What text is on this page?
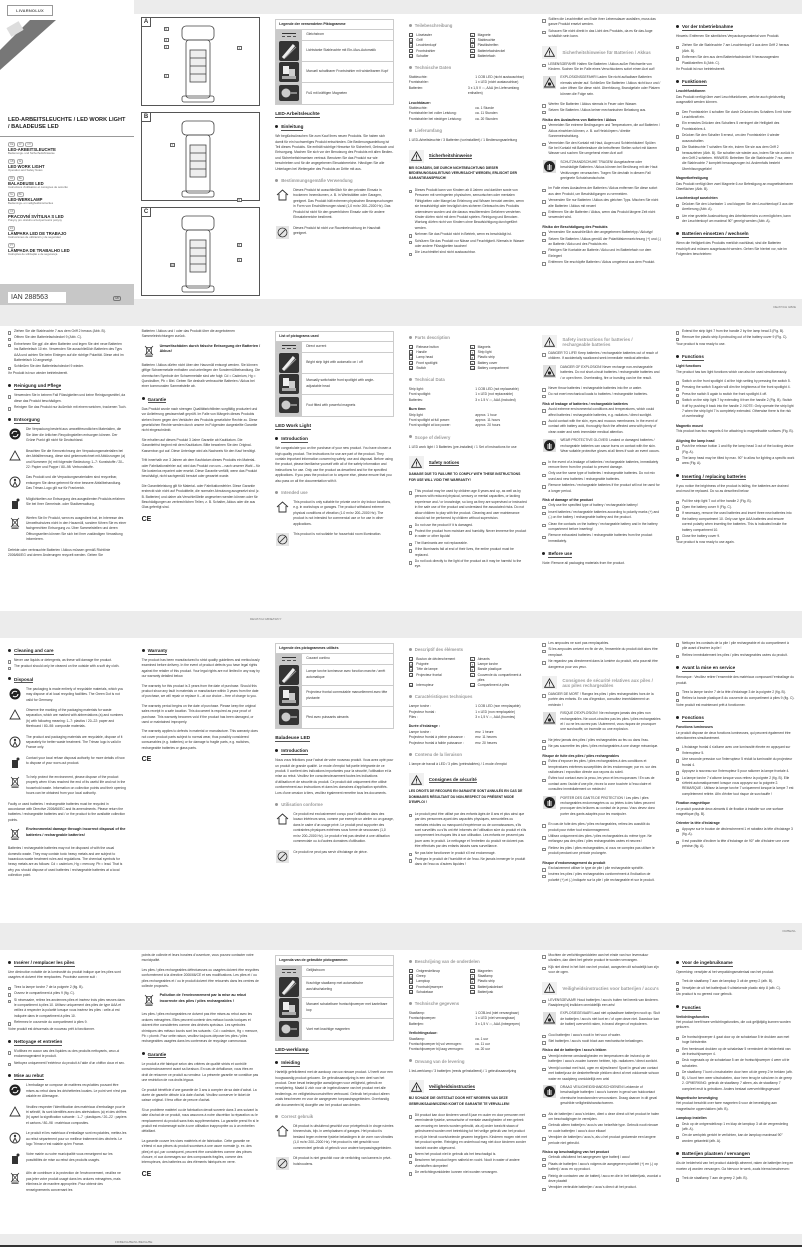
Legende der verwendeten Piktogramme
Gleichstrom
Lichtstarke Stableuchte mit Ein-/Aus-Automatik
Manuell schaltbarer Frontstrahler mit winkelbarem Kopf
Fuß mit kräftigen Magneten
LED-Arbeitsleuchte
Einleitung
Wir beglückwünschen Sie zum Kauf Ihres neuen Produkts. Sie haben sich damit für ein hochwertiges Produkt entschieden. Die Bedienungsanleitung ist Teil dieses Produkts. Sie enthält wichtige Hinweise für Sicherheit, Gebrauch und Entsorgung. Machen Sie sich vor der Benutzung des Produkts mit allen Bedien- und Sicherheitshinweisen vertraut. Benutzen Sie das Produkt nur wie beschrieben und für die angegebenen Einsatzbereiche. Händigen Sie alle Unterlagen bei Weitergabe des Produkts an Dritte mit aus.
Bestimmungsgemäße Verwendung
Dieses Produkt ist ausschließlich für den privaten Einsatz in trockenen Innenräumen, z. B. in Werkstätten oder Garagen, geeignet. Das Produkt hält extremen physischen Beanspruchungen in Form von Erschütterungen stand (1,0 m²/s³ 200–2000 Hz). Das Produkt ist nicht für den gewerblichen Einsatz oder für andere Einsatzbereiche bestimmt.
Dieses Produkt ist nicht zur Raumbeleuchtung im Haushalt geeignet.
Teilebeschreibung
1	Lösetaster	6	Magnete
2	Griff	7	Stableuchte
3	Leuchtenkopf	8	Plastikstreifen
4	Frontstrahler	9	Batteriefachdeckel
5	Schalter	10 Batteriefach
Technische Daten
Stableuchte:	1 COB LED (nicht austauschbar)
Frontstrahler:	1 x LED (nicht austauschbar)
Batterien:	3 x 1,5 V ⎓, AAA (im Lieferumfang enthalten)
Leuchtdauer:
Stableuchte:	ca. 1 Stunde
Frontstrahler bei voller Leistung:	ca. 11 Stunden
Frontstrahler bei niedriger Leistung:	ca. 20 Stunden
Lieferumfang
1 LED-Arbeitsleuchte / 3 Batterien (vorinstalliert) / 1 Bedienungsanleitung
Sicherheitshinweise
BEI SCHÄDEN, DIE DURCH NICHTBEACHTUNG DIESER BEDIENUNGSANLEITUNG VERURSACHT WERDEN, ERLISCHT DER GARANTIEANSPRUCH!
Dieses Produkt kann von Kindern ab 8 Jahren und darüber sowie von Personen mit verringerten physischen, sensorischen oder mentalen Fähigkeiten oder Mangel an Erfahrung und Wissen benutzt werden, wenn sie beaufsichtigt oder bezüglich des sicheren Gebrauchs des Produkts unterwiesen wurden und die daraus resultierenden Gefahren verstehen. Kinder dürfen nicht mit dem Produkt spielen. Reinigung und Benutzer-Wartung dürfen nicht von Kindern ohne Beaufsichtigung durchgeführt werden.
Nehmen Sie das Produkt nicht in Betrieb, wenn es beschädigt ist.
Schützen Sie das Produkt vor Nässe und Feuchtigkeit. Niemals in Wasser oder andere Flüssigkeiten tauchen!
Die Leuchtmittel sind nicht austauschbar.
Sollten die Leuchtmittel am Ende ihrer Lebensdauer ausfallen, muss das ganze Produkt ersetzt werden.
Schauen Sie nicht direkt in das Licht des Produkts, da es für das Auge schädlich sein kann.
Sicherheitshinweise für Batterien / Akkus
LEBENSGEFAHR! Halten Sie Batterien / Akkus außer Reichweite von Kindern. Suchen Sie im Falle eines Verschluckens sofort einen Arzt auf!
EXPLOSIONSGEFAHR! Laden Sie nicht aufladbare Batterien niemals wieder auf. Schließen Sie Batterien / Akkus nicht kurz und / oder öffnen Sie diese nicht. Überhitzung, Brandgefahr oder Platzen können die Folge sein.
Werfen Sie Batterien / Akkus niemals in Feuer oder Wasser.
Setzen Sie Batterien / Akkus keiner mechanischen Belastung aus.
Risiko des Auslaufens von Batterien / Akkus
Vermeiden Sie extreme Bedingungen und Temperaturen, die auf Batterien / Akkus einwirken können, z. B. auf Heizkörpern / direkte Sonneneinstrahlung.
Vermeiden Sie den Kontakt mit Haut, Augen und Schleimhäuten! Spülen Sie bei Kontakt mit Batteriesäure die betroffenen Stellen sofort mit klarem Wasser und suchen Sie umgehend einen Arzt auf!
SCHUTZHANDSCHUHE TRAGEN! Ausgelaufene oder beschädigte Batterien / Akkus können bei Berührung mit der Haut Verätzungen verursachen. Tragen Sie deshalb in diesem Fall geeignete Schutzhandschuhe.
Im Falle eines Auslaufens der Batterien / Akkus entfernen Sie diese sofort aus dem Produkt, um Beschädigungen zu vermeiden.
Verwenden Sie nur Batterien / Akkus des gleichen Typs. Mischen Sie nicht alte Batterien / Akkus mit neuen!
Entfernen Sie die Batterien / Akkus, wenn das Produkt längere Zeit nicht verwendet wird.
Risiko der Beschädigung des Produkts
Verwenden Sie ausschließlich den angegebenen Batterietyp / Akkutyp!
Setzen Sie Batterien / Akkus gemäß der Polaritätskennzeichnung (+) und (-) an Batterie / Akku und des Produkts ein.
Reinigen Sie Kontakte an Batterie / Akku und im Batteriefach vor dem Einlegen!
Entfernen Sie erschöpfte Batterien / Akkus umgehend aus dem Produkt.
Vor der Inbetriebnahme
Hinweis: Entfernen Sie sämtliches Verpackungsmaterial vom Produkt.
Ziehen Sie die Stableuchte 7 am Leuchtenkopf 3 aus dem Griff 2 heraus (Abb. B).
Entfernen Sie den aus dem Batteriefachdeckel 9 herausragenden Plastikstreifen 8 (Abb. C).
Ihr Produkt ist nun betriebsbereit.
Funktionen
Leuchtfunktionen
Das Produkt verfügt über zwei Leuchtfunktionen, welche auch gleichzeitig ausgewählt werden können.
Den Frontstrahler 4 schalten Sie durch Drücken des Schalters 5 mit hoher Leuchtkraft ein.
Ein erneutes Drücken des Schalters 5 verringert die Helligkeit des Frontstrahlers 4.
Drücken Sie den Schalter 5 erneut, um den Frontstrahler 4 wieder auszuschalten.
Die Stableuchte 7 schalten Sie ein, indem Sie sie aus dem Griff 2 herausziehen (Abb. B). Sie schalten sie wieder aus, indem Sie sie zurück in den Griff 2 schieben. HINWEIS: Betreiben Sie die Stableuchte 7 nur, wenn die Stableuchte 7 komplett herausgezogen ist. Andernfalls besteht Überhitzungsgefahr!
Magnetbefestigung
Das Produkt verfügt über zwei Magnete 6 zur Befestigung an magnetisierbaren Oberflächen (Abb. B).
Leuchtenkopf ausrichten
Drücken Sie den Lösetaster 1 und klappen Sie den Leuchtenkopf 3 aus der Arretierung (Abb. A).
Um eine gezielte Ausleuchtung des Arbeitsbereichs zu ermöglichen, kann der Leuchtenkopf um maximal 90° geneigt werden (Abb. A).
Batterien einsetzen / wechseln
Wenn die Helligkeit des Produkts merklich nachlässt, sind die Batterien erschöpft und müssen ausgetauscht werden. Gehen Sie hierbei vor, wie im Folgenden beschrieben:
DE/AT/CH GB/IE
Ziehen Sie die Stableuchte 7 aus dem Griff 2 heraus (Abb. B).
Öffnen Sie den Batteriefachdeckel 9 (Abb. C).
Entnehmen Sie ggf. die alten Batterien und legen Sie drei neue Batterien ins Batteriefach 10 ein. Verwenden Sie ausschließlich Batterien des Typs AAA und achten Sie beim Einlegen auf die richtige Polarität. Diese wird im Batteriefach 10 angezeigt.
Schließen Sie den Batteriefachdeckel 9 wieder.
Ihr Produkt ist nun wieder betriebsbereit.
Reinigung und Pflege
Verwenden Sie in keinem Fall Flüssigkeiten und keine Reinigungsmittel, da diese das Produkt beschädigen.
Reinigen Sie das Produkt nur äußerlich mit einem weichen, trockenen Tuch.
Entsorgung
Die Verpackung besteht aus umweltfreundlichen Materialien, die Sie über die örtlichen Recyclingstellen entsorgen können. Der Grüne Punkt gilt nicht für Deutschland.
Beachten Sie die Kennzeichnung der Verpackungsmaterialien bei der Abfalltrennung, diese sind gekennzeichnet mit Abkürzungen (a) und Nummern (b) mit folgender Bedeutung: 1–7: Kunststoffe / 20–22: Papier und Pappe / 80–98: Verbundstoffe.
Das Produkt und die Verpackungsmaterialien sind recycelbar, entsorgen Sie diese getrennt für eine bessere Abfallbehandlung. Das Triman-Logo gilt nur für Frankreich.
Möglichkeiten zur Entsorgung des ausgedienten Produkts erfahren Sie bei Ihrer Gemeinde- oder Stadtverwaltung.
Werfen Sie Ihr Produkt, wenn es ausgedient hat, im Interesse des Umweltschutzes nicht in den Hausmüll, sondern führen Sie es einer fachgerechten Entsorgung zu. Über Sammelstellen und deren Öffnungszeiten können Sie sich bei Ihrer zuständigen Verwaltung informieren.
Defekte oder verbrauchte Batterien / Akkus müssen gemäß Richtlinie 2006/66/EG und deren Änderungen recycelt werden. Geben Sie
Batterien / Akkus und / oder das Produkt über die angebotenen Sammeleinrichtungen zurück.
Umweltschäden durch falsche Entsorgung der Batterien / Akkus!
Batterien / Akkus dürfen nicht über den Hausmüll entsorgt werden. Sie können giftige Schwermetalle enthalten und unterliegen der Sondermüllbehandlung. Die chemischen Symbole der Schwermetalle sind wie folgt: Cd = Cadmium, Hg = Quecksilber, Pb = Blei. Geben Sie deshalb verbrauchte Batterien / Akkus bei einer kommunalen Sammelstelle ab.
Garantie
Das Produkt wurde nach strengen Qualitätsrichtlinien sorgfältig produziert und vor Anlieferung gewissenhaft geprüft. Im Falle von Mängeln dieses Produkts stehen Ihnen gegen den Verkäufer des Produkts gesetzliche Rechte zu. Diese gesetzlichen Rechte werden durch unsere im Folgenden dargestellte Garantie nicht eingeschränkt.
Sie erhalten auf dieses Produkt 3 Jahre Garantie ab Kaufdatum. Die Garantiefrist beginnt mit dem Kaufdatum. Bitte bewahren Sie den Original-Kassenbon gut auf. Diese Unterlage wird als Nachweis für den Kauf benötigt.
Tritt innerhalb von 3 Jahren ab dem Kaufdatum dieses Produkts ein Material- oder Fabrikationsfehler auf, wird das Produkt von uns – nach unserer Wahl – für Sie kostenlos repariert oder ersetzt. Diese Garantie verfällt, wenn das Produkt beschädigt, nicht sachgemäß benutzt oder gewartet wurde.
Die Garantieleistung gilt für Material- oder Fabrikationsfehler. Diese Garantie erstreckt sich nicht auf Produktteile, die normaler Abnutzung ausgesetzt sind (z. B. Batterien) und daher als Verschleißteile angesehen werden können oder für Beschädigungen an zerbrechlichen Teilen, z. B. Schalter, Akkus oder die aus Glas gefertigt sind.
CE
List of pictograms used
Direct current
Bright strip light with automatic on / off
Manually switchable front spotlight with angle-adjustable head
Foot fitted with powerful magnets
LED Work Light
Introduction
We congratulate you on the purchase of your new product. You have chosen a high quality product. The instructions for use are part of the product. They contain important information concerning safety, use and disposal. Before using the product, please familiarise yourself with all of the safety information and instructions for use. Only use the product as described and for the specified applications. If you pass the product on to anyone else, please ensure that you also pass on all the documentation with it.
Intended use
This product is only suitable for private use in dry indoor locations, e.g. in workshops or garages. The product withstand extreme physical conditions of vibration (1.0 m²/s³ 200–2000 Hz). The product is not intended for commercial use or for use in other applications.
This product is not suitable for household room illumination.
Parts description
1	Release button	6	Magnets
2	Handle	7	Strip light
3	Lamp head	8	Plastic strip
4	Front spotlight	9	Battery cover
5	Switch	10 Battery compartment
Technical Data
Strip light:	1 COB LED (not replaceable)
Front spotlight:	1 x LED (not replaceable)
Batteries:	3 x 1.5 V ⎓, AAA (included)
Burn time:
Strip light	approx. 1 hour
Front spotlight at full power:	approx. 11 hours
Front spotlight at low power:	approx. 20 hours
Scope of delivery
1 LED work light / 3 Batteries (pre-installed) / 1 Set of instructions for use
Safety notices
DAMAGE DUE TO FAILURE TO COMPLY WITH THESE INSTRUCTIONS FOR USE WILL VOID THE WARRANTY!
This product may be used by children age 8 years and up, as well as by persons with reduced physical, sensory or mental capacities, or lacking experience and / or knowledge, so long as they are supervised or instructed in the safe use of the product and understand the associated risks. Do not allow children to play with the product. Cleaning and user maintenance should not be performed by children without supervision.
Do not use the product if it is damaged.
Protect the product from moisture and humidity. Never immerse the product in water or other liquids!
The illuminants are not replaceable.
If the illuminants fail at end of their lives, the entire product must be replaced.
Do not look directly to the light of the product as it may be harmful to the eye.
Safety instructions for batteries / rechargeable batteries
DANGER TO LIFE! Keep batteries / rechargeable batteries out of reach of children. If accidentally swallowed seek immediate medical attention.
DANGER OF EXPLOSION! Never recharge non-rechargeable batteries. Do not short-circuit batteries / rechargeable batteries and / or open them. Overheating, fire or bursting can be the result.
Never throw batteries / rechargeable batteries into fire or water.
Do not exert mechanical loads to batteries / rechargeable batteries.
Risk of leakage of batteries / rechargeable batteries
Avoid extreme environmental conditions and temperatures, which could affect batteries / rechargeable batteries, e.g. radiators / direct sunlight.
Avoid contact with the skin, eyes and mucous membranes. In the event of contact with battery acid, thoroughly flush the affected area with plenty of clean water and seek immediate medical attention.
WEAR PROTECTIVE GLOVES! Leaked or damaged batteries / rechargeable batteries can cause burns on contact with the skin. Wear suitable protective gloves at all times if such an event occurs.
In the event of a leakage of batteries / rechargeable batteries, immediately remove them from the product to prevent damage.
Only use the same type of batteries / rechargeable batteries. Do not mix used and new batteries / rechargeable batteries.
Remove batteries / rechargeable batteries if the product will not be used for a longer period.
Risk of damage of the product
Only use the specified type of battery / rechargeable battery!
Insert batteries / rechargeable batteries according to polarity marks (+) and (-) on the battery / rechargeable battery and the product.
Clean the contacts on the battery / rechargeable battery and in the battery compartment before inserting!
Remove exhausted batteries / rechargeable batteries from the product immediately.
Before use
Note: Remove all packaging materials from the product.
Extend the strip light 7 from the handle 2 by the lamp head 3 (Fig. B).
Remove the plastic strip 8 protruding out of the battery cover 9 (Fig. C).
Your product is now ready to use.
Functions
Light functions
The product has two light functions which can also be used simultaneously.
Switch on the front spotlight 4 at the high setting by pressing the switch 5.
Pressing the switch 5 again will dim the brightness of the front spotlight 4.
Press the switch 5 again to switch the front spotlight 4 off.
Switch on the strip light 7 by extending it from the handle 2 (Fig. B). Switch it off by pushing it back into the handle 2. NOTE: Only operate the strip light 7 when the strip light 7 is completely extended. Otherwise there is the risk of overheating!
Magnetic mount
This product has two magnets 6 for attaching to magnetisable surfaces (Fig. B).
Aligning the lamp head
Push the release button 1 and flip the lamp head 3 out of the locking device (Fig. A).
The lamp head may be tilted by max. 90° to allow for lighting a specific work area (Fig. A).
Inserting / replacing batteries
If you notice the brightness of the product is falling, the batteries are drained and must be replaced. Do so as described below:
Pull the strip light 7 out of the handle 2 (Fig. B).
Open the battery cover 9 (Fig. C).
If necessary, remove the used batteries and insert three new batteries into the battery compartment 10. Only use type AAA batteries and ensure correct polarity when inserting the batteries. This is indicated inside the battery compartment 10.
Close the battery cover 9.
Your product is now ready to use again.
DE/AT/CH GB/IE/NI/CY
Cleaning and care
Never use liquids or detergents, as these will damage the product.
The product should only be cleaned on the outside with a soft dry cloth.
Disposal
The packaging is made entirely of recyclable materials, which you may dispose of at local recycling facilities. The Green Dot is not valid for Germany.
Observe the marking of the packaging materials for waste separation, which are marked with abbreviations (a) and numbers (b) with following meaning: 1–7: plastics / 20–22: paper and fibreboard / 80–98: composite materials.
The product and packaging materials are recyclable, dispose of it separately for better waste treatment. The Triman logo is valid in France only.
Contact your local refuse disposal authority for more details of how to dispose of your worn-out product.
To help protect the environment, please dispose of the product properly when it has reached the end of its useful life and not in the household waste. Information on collection points and their opening hours can be obtained from your local authority.
Faulty or used batteries / rechargeable batteries must be recycled in accordance with Directive 2006/66/EC and its amendments. Please return the batteries / rechargeable batteries and / or the product to the available collection points.
Environmental damage through incorrect disposal of the batteries / rechargeable batteries!
Batteries / rechargeable batteries may not be disposed of with the usual domestic waste. They may contain toxic heavy metals and are subject to hazardous waste treatment rules and regulations. The chemical symbols for heavy metals are as follows: Cd = cadmium, Hg = mercury, Pb = lead. That is why you should dispose of used batteries / rechargeable batteries at a local collection point.
Warranty
The product has been manufactured to strict quality guidelines and meticulously examined before delivery. In the event of product defects you have legal rights against the retailer of this product. Your legal rights are not limited in any way by our warranty detailed below.
The warranty for this product is 3 years from the date of purchase. Should this product show any fault in materials or manufacture within 3 years from the date of purchase, we will repair or replace it – at our choice – free of charge to you.
The warranty period begins on the date of purchase. Please keep the original sales receipt in a safe location. This document is required as your proof of purchase. This warranty becomes void if the product has been damaged, or used or maintained improperly.
The warranty applies to defects in material or manufacture. This warranty does not cover product parts subject to normal wear, thus possibly considered consumables (e.g. batteries) or for damage to fragile parts, e.g. switches, rechargeable batteries or glass parts.
CE
Légende des pictogrammes utilisés
Courant continu
Lampe torche lumineuse avec fonction marche / arrêt automatique
Projecteur frontal commutable manuellement avec tête pivotante
Pied avec puissants aimants
Baladeuse LED
Introduction
Nous vous félicitons pour l'achat de votre nouveau produit. Vous avez opté pour un produit de grande qualité. Le mode d'emploi fait partie intégrante de ce produit. Il contient des indications importantes pour la sécurité, l'utilisation et la mise au rebut. Veuillez lire consciencieusement toutes les indications d'utilisation et de sécurité du produit. Ce produit doit uniquement être utilisé conformément aux instructions et dans les domaines d'application spécifiés. Lors d'une cession à tiers, veuillez également remettre tous les documents.
Utilisation conforme
Ce produit est exclusivement conçu pour l'utilisation dans des locaux intérieurs secs, comme par exemple un atelier ou un garage, dans le cadre d'un usage privé. Le produit peut supporter des contraintes physiques extrêmes sous forme de secousses (1,0 m²/s³ 200–2000 Hz). Le produit n'est pas destiné à une utilisation commerciale ou à d'autres domaines d'utilisation.
Ce produit ne peut pas servir d'éclairage de pièce.
Descriptif des éléments
1	Bouton de déclenchement	6	Aimants
2	Poignée	7	Lampe torche
3	Tête de lampe	8	Bande plastique
4	Projecteur frontal	9	Couvercle du compartiment à piles
5	Interrupteur	10 Compartiment à piles
Caractéristiques techniques
Lampe torche :	1 COB LED (non remplaçable)
Projecteur frontal :	1 x LED (non remplaçable)
Piles :	3 x 1,5 V ⎓, AAA (fournies)
Durée d'éclairage :
Lampe torche :	env. 1 heure
Projecteur frontal à pleine puissance :	env. 11 heures
Projecteur frontal à faible puissance :	env. 20 heures
Contenu de la livraison
1 lampe de travail à LED / 3 piles (préinstallées) / 1 mode d'emploi
Consignes de sécurité
LES DROITS DE RECOURS EN GARANTIE SONT ANNULÉS EN CAS DE DOMMAGES RÉSULTANT DU NON-RESPECT DU PRÉSENT MODE D'EMPLOI !
Le produit peut être utilisé par des enfants âgés de 8 ans et plus ainsi que par des personnes ayant des capacités physiques, sensorielles ou mentales réduites ou manquant d'expérience ou de connaissances, s'ils sont surveillés ou s'ils ont été informés de l'utilisation sûre du produit et s'ils comprennent les risques liés à son utilisation. Les enfants ne peuvent pas jouer avec le produit. Le nettoyage et l'entretien du produit ne doivent pas être effectués par des enfants laissés sans surveillance.
Ne pas faire fonctionner le produit s'il est endommagé.
Protégez le produit de l'humidité et de l'eau. Ne jamais immerger le produit dans de l'eau ou d'autres liquides !
Les ampoules ne sont pas remplaçables.
Si les ampoules arrivent en fin de vie, l'ensemble du produit doit alors être remplacé.
Ne regardez pas directement dans la lumière du produit, cela pourrait être dangereux pour vos yeux.
Consignes de sécurité relatives aux piles / aux piles rechargeables
DANGER DE MORT ! Rangez les piles / piles rechargeables hors de la portée des enfants. En cas d'ingestion, consultez immédiatement un médecin !
RISQUE D'EXPLOSION ! Ne rechargez jamais des piles non rechargeables. Ne court-circuitez pas les piles / piles rechargeables et / ou ne les ouvrez pas ! Autrement, vous risquez de provoquer une surchauffe, un incendie ou une explosion.
Ne jetez jamais des piles / piles rechargeables au feu ou dans l'eau.
Ne pas soumettre les piles / piles rechargeables à une charge mécanique.
Risque de fuite des piles / piles rechargeables
Évitez d'exposer les piles / piles rechargeables à des conditions et températures extrêmes susceptibles de les endommager, par ex. sur des radiateurs / exposition directe aux rayons du soleil.
Évitez tout contact avec la peau, les yeux et les muqueuses ! En cas de contact avec l'acide d'une pile, rincez la zone touchée à l'eau claire et consultez immédiatement un médecin !
PORTER DES GANTS DE PROTECTION ! Les piles / piles rechargeables endommagées ou ou jetées à des fuites peuvent provoquer des brûlures au contact de la peau. Vous devez donc porter des gants adaptés pour les manipuler.
En cas de fuite des piles / piles rechargeables, retirez-les aussitôt du produit pour éviter tout endommagement.
Utilisez uniquement des piles / piles rechargeables du même type. Ne mélangez pas des piles / piles rechargeables usées et neuves !
Retirez les piles / piles rechargeables, si vous ne comptez pas utiliser le produit pendant une période prolongée.
Risque d'endommagement du produit
Exclusivement utiliser le type de pile / pile rechargeable spécifié.
Insérez les piles / piles rechargeables conformément à l'indication de polarité (+) et (-) indiquée sur la pile / pile rechargeable et sur le produit.
Nettoyez les contacts de la pile / pile rechargeable et du compartiment à pile avant d'insérer la pile !
Retirez immédiatement les piles / piles rechargeables usées du produit.
Avant la mise en service
Remarque : Veuillez retirer l'ensemble des matériaux composant l'emballage du produit.
Tirez la lampe torche 7 de la tête d'éclairage 3 de la poignée 2 (fig. B).
Retirez la bande plastique 8 du couvercle du compartiment à piles 9 (fig. C).
Votre produit est maintenant prêt à fonctionner.
Fonctions
Fonctions lumineuses
Le produit dispose de deux fonctions lumineuses, qui peuvent également être sélectionnées simultanément.
L'éclairage frontal 4 s'allume avec une luminosité élevée en appuyant sur l'interrupteur 5.
Une seconde pression sur l'interrupteur 5 réduit la luminosité du projecteur frontal 4.
Appuyez à nouveau sur l'interrupteur 5 pour rallumer la lampe frontale 4.
La lampe torche 7 s'allume lorsque vous retirez la poignée 2 (fig. B). Elle s'éteint automatiquement lorsque vous appuyez sur la poignée 2. REMARQUE : Utilisez la lampe torche 7 uniquement lorsque la lampe 7 est complètement retirée. Afin d'éviter tout risque de surchauffe !
Fixation magnétique
Le produit possède deux aimants 6 de fixation à installer sur une surface magnétique (fig. B).
Orienter la tête d'éclairage
Appuyez sur le bouton de déclenchement 1 et rabattez la tête d'éclairage 3 (fig. A).
Il est possible d'incliner la tête d'éclairage de 90° afin d'éclairer une zone précise (fig. A).
FR/BE/NL
Insérer / remplacer les piles
Une diminution notable de la luminosité du produit indique que les piles sont usagées et doivent être remplacées. Procédez comme suit :
Tirez la lampe torche 7 de la poignée 2 (fig. B).
Ouvrez le compartiment à piles 9 (fig. C).
Si nécessaire, retirez les anciennes piles et insérez trois piles neuves dans le compartiment à piles 10. Utilisez uniquement des piles de type AAA et veillez à respecter la polarité lorsque vous insérez les piles : celle-ci est indiquée dans le compartiment à piles 10.
Refermez le couvercle du compartiment à piles 9.
Votre produit est désormais de nouveau prêt à fonctionner.
Nettoyage et entretien
N'utilisez en aucun cas des liquides ou des produits nettoyants, ceux-ci endommageraient le produit.
Nettoyez uniquement l'extérieur du produit à l'aide d'un chiffon doux et sec.
Mise au rebut
L'emballage se compose de matières recyclables pouvant être mises au rebut dans les déchetteries locales. Le point vert n'est pas valable en Allemagne.
Veuillez respecter l'identification des matériaux d'emballage pour le tri sélectif, ils sont identifiés avec des abréviations (a) et des chiffres (b) ayant la signification suivante : 1–7 : plastiques / 20–22 : papiers et cartons / 80–98 : matériaux composites.
Le produit et les matériaux d'emballage sont recyclables, mettez-les au rebut séparément pour un meilleur traitement des déchets. Le logo Triman n'est valable qu'en France.
Votre mairie ou votre municipalité vous renseignent sur les possibilités de mise au rebut des produits usagés.
Afin de contribuer à la protection de l'environnement, veuillez ne pas jeter votre produit usagé dans les ordures ménagères, mais éliminez-le de manière appropriée. Pour obtenir des renseignements concernant les
points de collecte et leurs horaires d'ouverture, vous pouvez contacter votre municipalité.
Les piles / piles rechargeables défectueuses ou usagées doivent être recyclées conformément à la directive 2006/66/CE et ses modifications. Les piles et / ou piles rechargeables et / ou le produit doivent être retournés dans les centres de collecte proposés.
Pollution de l'environnement par la mise au rebut incorrecte des piles / piles rechargeables !
Les piles / piles rechargeables ne doivent pas être mises au rebut avec les ordures ménagères. Elles peuvent contenir des métaux lourds toxiques et doivent être considérées comme des déchets spéciaux. Les symboles chimiques des métaux lourds sont les suivants : Cd = cadmium, Hg = mercure, Pb = plomb. Pour cette raison, veuillez toujours déposer les piles / piles rechargeables usagées dans les conteneurs de recyclage communaux.
Garantie
Le produit a été fabriqué selon des critères de qualité stricts et contrôlé consciencieusement avant sa livraison. En cas de défaillance, vous êtes en droit de retourner ce produit au vendeur. La présente garantie ne constitue pas une restriction de vos droits légaux.
Ce produit bénéficie d'une garantie de 3 ans à compter de sa date d'achat. La durée de garantie débute à la date d'achat. Veuillez conserver le ticket de caisse original. Il fera office de preuve d'achat.
Si un problème matériel ou de fabrication devait survenir dans 3 ans suivant la date d'achat de ce produit, nous assurons à notre discrétion la réparation ou le remplacement du produit sans frais supplémentaires. La garantie prend fin si le produit est endommagé suite à une utilisation inappropriée ou à un entretien défaillant.
La garantie couvre les vices matériels et de fabrication. Cette garantie ne s'étend ni aux pièces du produit soumises à une usure normale (p. ex. des piles) et qui, par conséquent, peuvent être considérées comme des pièces d'usure, ni aux dommages sur des composants fragiles, comme des interrupteurs, des batteries ou des éléments fabriqués en verre.
CE
Legenda van de gebruikte pictogrammen
Gelijkstroom
Krachtige staaflamp met automatische aan/uitschakeling
Manueel schakelbare frontschijnwerper met kantelbare kop
Voet met krachtige magneten
LED-werklamp
Inleiding
Hartelijk gefeliciteerd met de aankoop van uw nieuwe product. U heeft voor een hoogwaardig product gekozen. De gebruiksaanwijzing is een deel van het product. Deze bevat belangrijke aanwijzingen voor veiligheid, gebruik en verwijdering. Maakt U zich voor de ingebruikname van het product met alle bedienings- en veiligheidsvoorschriften vertrouwd. Gebruik het product alleen zoals beschreven en voor de aangegeven toepassingsgebieden. Overhandig alle documenten bij doorgifte van het product aan derden.
Correct gebruik
Dit product is uitsluitend geschikt voor privégebruik in droge ruimtes binnenshuis, bijv. in werkplaatsen of garages. Het product is bestand tegen extreme fysieke belastingen in de vorm van vibraties (1,0 m²/s³ 200–2000 Hz). Het product is niet geschikt voor commercieel gebruik of gebruik voor andere toepassingsgebieden.
Dit product is niet geschikt voor de verlichting van kamers in privé-huishoudens.
Beschrijving van de onderdelen
1	Ontgrendelknop	6	Magneten
2	Greep	7	Staaflamp
3	Lampkop	8	Plastic strip
4	Frontschijnwerper	9	Batterijvakdeksel
5	Schakelaar	10 Batterijvak
Technische gegevens
Staaflamp:	1 COB-led (niet vervangbaar)
Frontschijnwerper:	1 x LED (niet vervangbaar)
Batterijen:	3 x 1,5 V ⎓, AAA (inbegrepen)
Verlichtingsduur:
Staaflamp:	ca. 1 uur
Frontschijnwerper bij vol vermogen:	ca. 11 uur
Frontschijnwerper bij laag vermogen:	ca. 20 uur
Omvang van de levering
1 led-werklamp / 3 batterijen (reeds geïnstalleerd) / 1 gebruiksaanwijzing
Veiligheidsinstructies
BIJ SCHADE DIE ONTSTAAT DOOR HET NEGEREN VAN DEZE GEBRUIKSAANWIJZING KOMT DE GARANTIE TE VERVALLEN!
Dit product kan door kinderen vanaf 8 jaar en ouder en door personen met verminderde fysieke, sensorische of mentale vaardigheden of een gebrek aan ervaring en kennis worden gebruikt, als zij onder toezicht staan of geïnstrueerd worden met betrekking tot het veilige gebruik van het product en zij de hieruit voortvloeiende gevaren begrijpen. Kinderen mogen niet met het product spelen. Reiniging en onderhoud mag niet door kinderen zonder toezicht worden uitgevoerd.
Neem het product niet in gebruik als het beschadigd is.
Bescherm het product tegen natheid en vocht. Nooit in water of andere vloeistoffen dompelen!
De verlichtingsmiddelen kunnen niet worden vervangen.
Mochten de verlichtingsmiddelen aan het einde van hun levensduur uitvallen, dan dient het gehele product te worden vervangen.
Kijk niet direct in het licht van het product, aangezien dit schadelijk kan zijn voor de ogen.
Veiligheidsinstructies voor batterijen / accu's
LEVENSGEVAAR! Houd batterijen / accu's buiten het bereik van kinderen. Raadpleeg bij inslikken onmiddellijk een arts!
EXPLOSIEGEVAAR! Laad niet oplaadbare batterijen nooit op. Sluit de batterijen / accu's niet kort en / of open deze niet. Daardoor kan de batterij oververhit raken, in brand vliegen of exploderen.
Gooi batterijen / accu's nooit in het vuur of water.
Stel batterijen / accu's nooit bloot aan mechanische belastingen.
Risico dat de batterijen / accu's lekken
Vermijd extreme omstandigheden en temperaturen die invloed op de batterijen / accu's zouden kunnen hebben, bijv. radiatoren / direct zonlicht.
Vermijd contact met huid, ogen en slijmvliezen! Spoel in geval van contact met batterijzuur de desbetreffende plekken direct af met voldoende schoon water en raadpleeg onmiddellijk een arts!
DRAAG VEILIGHEIDSHANDSCHOENEN! Lekkende of beschadigde batterijen / accu's kunnen in geval van huidcontact chemische brandwonden veroorzaken. Draag daarom in dit geval geschikte veiligheidshandschoenen.
Als de batterijen / accu's lekken, dient u deze direct uit het product te halen om beschadigingen te vermijden.
Gebruik alleen batterijen / accu's van hetzelfde type. Gebruik nooit nieuwe en oude batterijen / accu's door elkaar!
Verwijder de batterijen / accu's, als u het product gedurende een langere periode niet gebruikt.
Risico op beschadiging van het product
Gebruik uitsluitend het aangegeven type batterij / accu!
Plaats de batterijen / accu's volgens de aangegeven polariteit (+) en (-) op batterij / accu en op product.
Reinig de contacten van de batterij / accu en die in het batterijvak, voordat u deze plaatst!
Verwijder verbruikte batterijen / accu's direct uit het product.
Voor de ingebruikname
Opmerking: verwijder al het verpakkingsmateriaal van het product.
Trek de staaflamp 7 aan de lampkop 3 uit de greep 2 (afb. B).
Verwijder de uit het batterijvak 9 uitstekende plastic strip 8 (afb. C).
Uw product is nu gereed voor gebruik.
Functies
Verlichtingsfuncties
Het product heeft twee verlichtingsfuncties, die ook gelijktijdig kunnen worden gekozen.
De frontschijnwerper 4 gaat door op de schakelaar 5 te drukken aan met hoge lichtsterkte.
Een hernieuwd drukken op de schakelaar 5 vermindert de helderheid van de frontschijnwerper 4.
Druk nogmaals op de schakelaar 5 om de frontschijnwerper 4 weer uit te schakelen.
De staaflamp 7 kunt u inschakelen door hem uit de greep 2 te trekken (afb. B). U kunt hem weer uitschakelen, door hem terug te schuiven in de greep 2. OPMERKING: gebruik de staaflamp 7 alleen, als de staaflamp 7 compleet eruit is getrokken. Anders bestaat oververhittingsgevaar!
Magnetische bevestiging
Het product beschikt over twee magneten 6 voor de bevestiging aan magnetische oppervlakken (afb. B).
Lampkop instellen
Druk op de ontgrendelknop 1 en klap de lampkop 3 uit de vergrendeling (afb. A).
Om de werkplek gericht te verlichten, kan de lampkop maximaal 90° worden gekanteld (afb. A).
Batterijen plaatsen / vervangen
Als de helderheid van het product duidelijk afneemt, raken de batterijen leeg en moeten zij worden vervangen. Ga hiervoor te werk, zoals hierna beschreven:
Trek de staaflamp 7 aan de greep 2 (afb. B).
FR/BE/NL/BE/NL/BE/NL/BE
LIVARNOLUX
LED-ARBEITSLEUCHTE / LED WORK LIGHT / BALADEUSE LED
DE	AT	CH
LED-ARBEITSLEUCHTE
Bedienungs- und Sicherheitshinweise
GB	IE
LED WORK LIGHT
Operation and Safety Notes
FR	BE
BALADEUSE LED
Instructions d'utilisation et consignes de sécurité
NL	BE
LED-WERKLAMP
Bedienings- en veiligheidsinstructies
CZ
PRACOVNÍ SVÍTILNA S LED
Pokyny pro obsluhu a bezpečnostní pokyny
ES
LÁMPARA LED DE TRABAJO
Instrucciones de utilización y de seguridad
PT
LÂMPADA DE TRABALHO LED
Instruções de utilização e de segurança
IAN 288563	GB
A
5
4
3
2
1
B
7
6
C
10
8
9
